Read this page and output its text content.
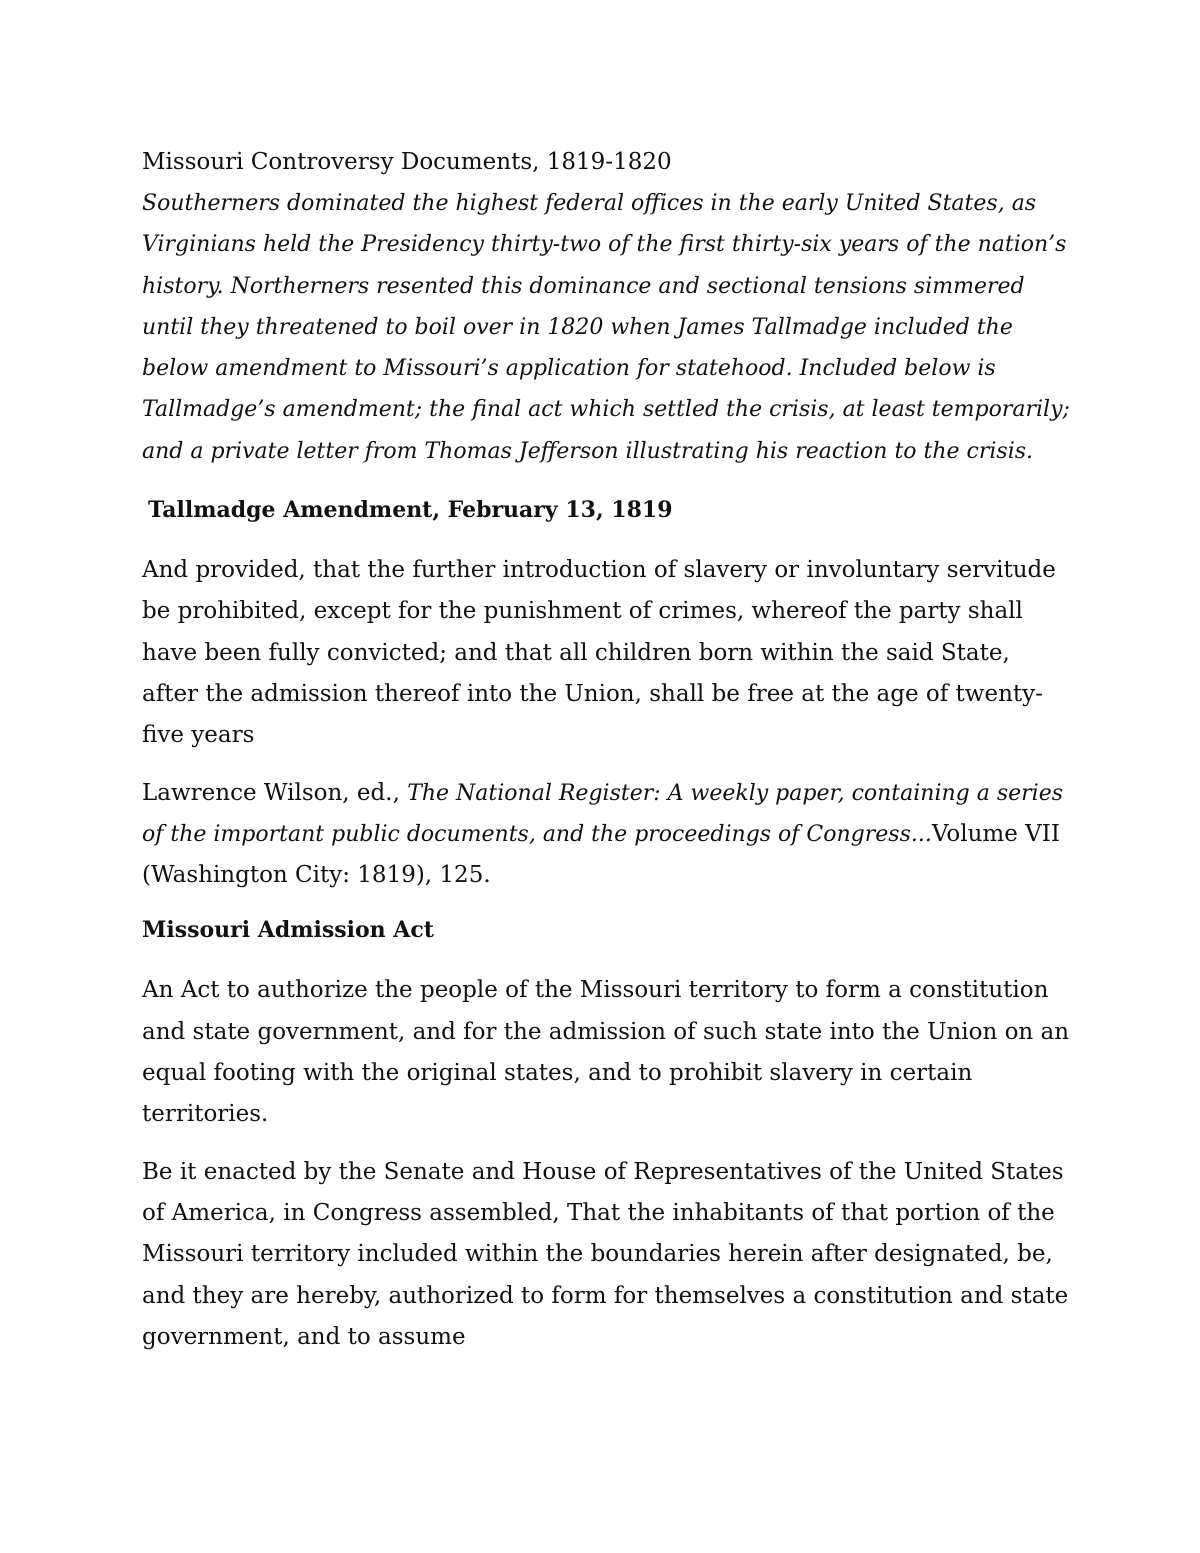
Missouri Controversy Documents, 1819-1820

Southerners dominated the highest federal offices in the early United States, as Virginians held the Presidency thirty-two of the first thirty-six years of the nation’s history. Northerners resented this dominance and sectional tensions simmered until they threatened to boil over in 1820 when James Tallmadge included the below amendment to Missouri’s application for statehood. Included below is Tallmadge’s amendment; the final act which settled the crisis, at least temporarily; and a private letter from Thomas Jefferson illustrating his reaction to the crisis.

Tallmadge Amendment, February 13, 1819

And provided, that the further introduction of slavery or involuntary servitude be prohibited, except for the punishment of crimes, whereof the party shall have been fully convicted; and that all children born within the said State, after the admission thereof into the Union, shall be free at the age of twenty-five years

Lawrence Wilson, ed., The National Register: A weekly paper, containing a series of the important public documents, and the proceedings of Congress...Volume VII (Washington City: 1819), 125.

Missouri Admission Act

An Act to authorize the people of the Missouri territory to form a constitution and state government, and for the admission of such state into the Union on an equal footing with the original states, and to prohibit slavery in certain territories.

Be it enacted by the Senate and House of Representatives of the United States of America, in Congress assembled, That the inhabitants of that portion of the Missouri territory included within the boundaries herein after designated, be, and they are hereby, authorized to form for themselves a constitution and state government, and to assume
